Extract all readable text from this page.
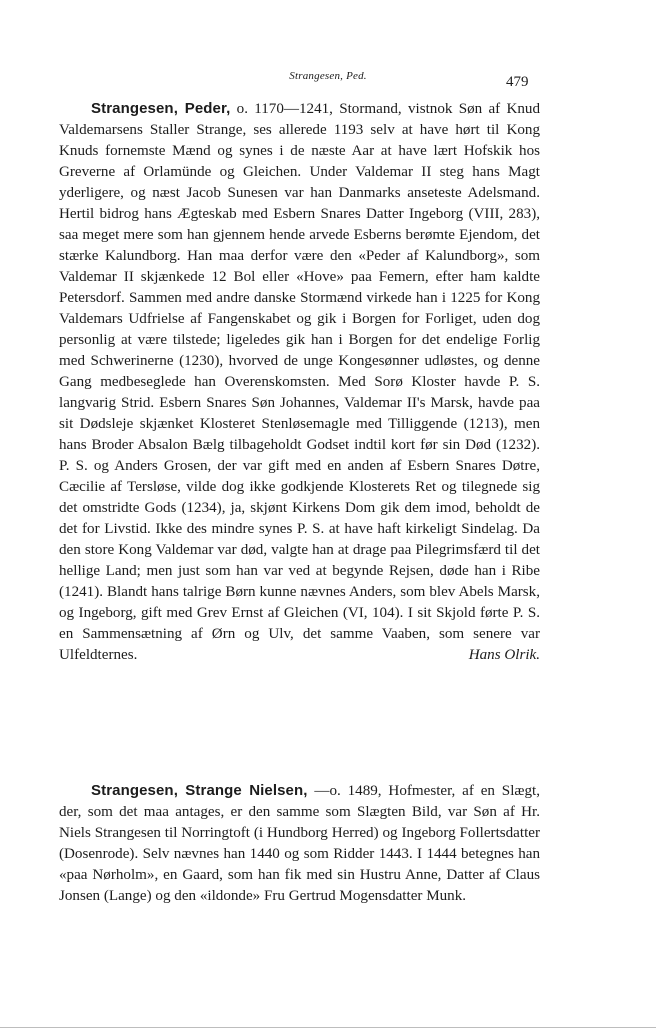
Strangesen, Ped.	479

Strangesen, Peder, o. 1170—1241, Stormand, vistnok Søn af Knud Valdemarsens Staller Strange, ses allerede 1193 selv at have hørt til Kong Knuds fornemste Mænd og synes i de næste Aar at have lært Hofskik hos Greverne af Orlamünde og Gleichen. Under Valdemar II steg hans Magt yderligere, og næst Jacob Sunesen var han Danmarks anseteste Adelsmand. Hertil bidrog hans Ægteskab med Esbern Snares Datter Ingeborg (VIII, 283), saa meget mere som han gjennem hende arvede Esberns berømte Ejendom, det stærke Kalundborg. Han maa derfor være den «Peder af Kalundborg», som Valdemar II skjænkede 12 Bol eller «Hove» paa Femern, efter ham kaldte Petersdorf. Sammen med andre danske Stormænd virkede han i 1225 for Kong Valdemars Udfrielse af Fangenskabet og gik i Borgen for Forliget, uden dog personlig at være tilstede; ligeledes gik han i Borgen for det endelige Forlig med Schwerinerne (1230), hvorved de unge Kongesønner udløstes, og denne Gang medbeseglede han Overenskomsten. Med Sorø Kloster havde P. S. langvarig Strid. Esbern Snares Søn Johannes, Valdemar II's Marsk, havde paa sit Dødsleje skjænket Klosteret Stenløsemagle med Tilliggende (1213), men hans Broder Absalon Bælg tilbageholdt Godset indtil kort før sin Død (1232). P. S. og Anders Grosen, der var gift med en anden af Esbern Snares Døtre, Cæcilie af Tersløse, vilde dog ikke godkjende Klosterets Ret og tilegnede sig det omstridte Gods (1234), ja, skjønt Kirkens Dom gik dem imod, beholdt de det for Livstid. Ikke des mindre synes P. S. at have haft kirkeligt Sindelag. Da den store Kong Valdemar var død, valgte han at drage paa Pilegrimsfærd til det hellige Land; men just som han var ved at begynde Rejsen, døde han i Ribe (1241). Blandt hans talrige Børn kunne nævnes Anders, som blev Abels Marsk, og Ingeborg, gift med Grev Ernst af Gleichen (VI, 104). I sit Skjold førte P. S. en Sammensætning af Ørn og Ulv, det samme Vaaben, som senere var Ulfeldternes.	Hans Olrik.

Strangesen, Strange Nielsen, —o. 1489, Hofmester, af en Slægt, der, som det maa antages, er den samme som Slægten Bild, var Søn af Hr. Niels Strangesen til Norringtoft (i Hundborg Herred) og Ingeborg Follertsdatter (Dosenrode). Selv nævnes han 1440 og som Ridder 1443. I 1444 betegnes han «paa Nørholm», en Gaard, som han fik med sin Hustru Anne, Datter af Claus Jonsen (Lange) og den «ildonde» Fru Gertrud Mogensdatter Munk.
